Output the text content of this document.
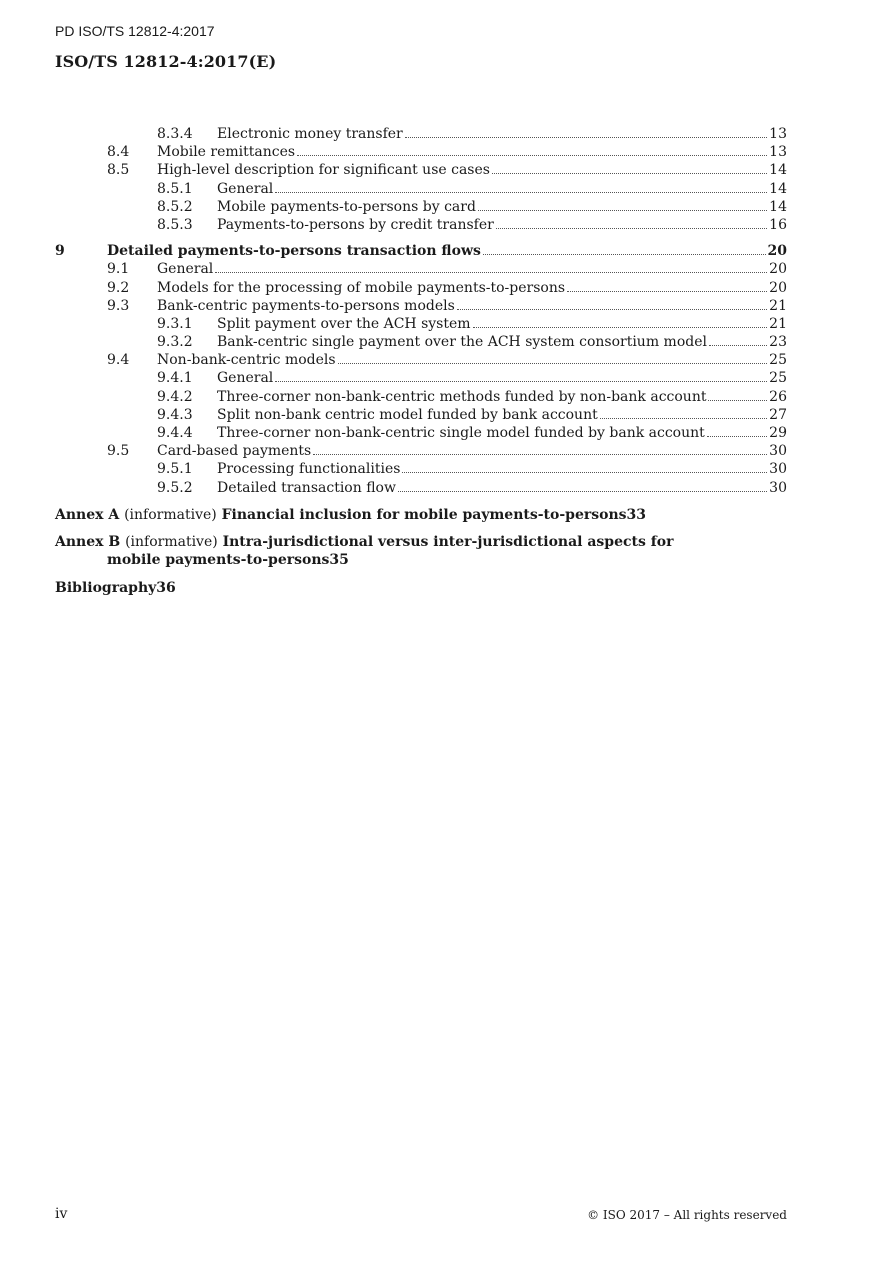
PD ISO/TS 12812-4:2017
ISO/TS 12812-4:2017(E)
8.3.4 Electronic money transfer	13
8.4 Mobile remittances	13
8.5 High-level description for significant use cases	14
8.5.1 General	14
8.5.2 Mobile payments-to-persons by card	14
8.5.3 Payments-to-persons by credit transfer	16
9	Detailed payments-to-persons transaction flows	20
9.1 General	20
9.2 Models for the processing of mobile payments-to-persons	20
9.3 Bank-centric payments-to-persons models	21
9.3.1 Split payment over the ACH system	21
9.3.2 Bank-centric single payment over the ACH system consortium model	23
9.4 Non-bank-centric models	25
9.4.1 General	25
9.4.2 Three-corner non-bank-centric methods funded by non-bank account	26
9.4.3 Split non-bank centric model funded by bank account	27
9.4.4 Three-corner non-bank-centric single model funded by bank account	29
9.5 Card-based payments	30
9.5.1 Processing functionalities	30
9.5.2 Detailed transaction flow	30
Annex A (informative) Financial inclusion for mobile payments-to-persons 33
Annex B (informative) Intra-jurisdictional versus inter-jurisdictional aspects for
mobile payments-to-persons 35
Bibliography 36
iv	© ISO 2017 – All rights reserved
